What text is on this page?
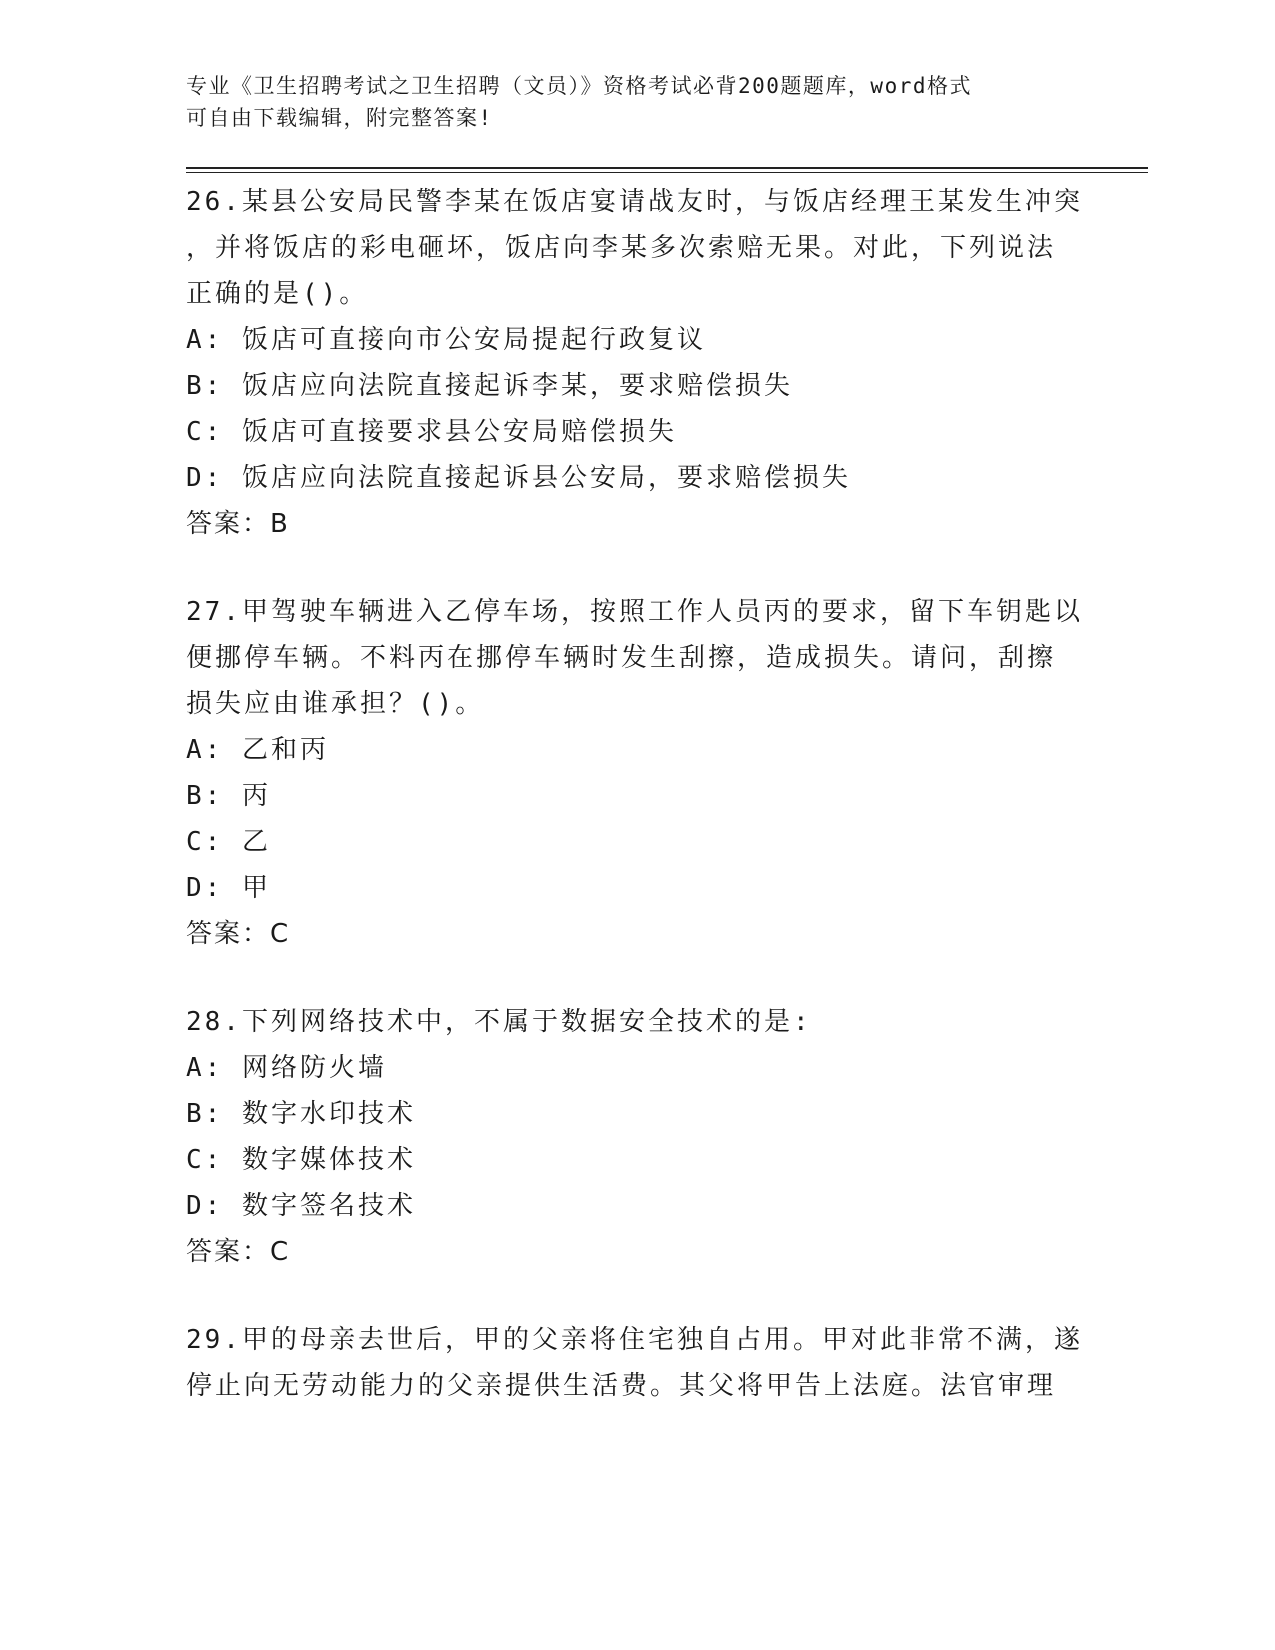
专业《卫生招聘考试之卫生招聘（文员）》资格考试必背200题题库，word格式
可自由下载编辑，附完整答案!
26.某县公安局民警李某在饭店宴请战友时，与饭店经理王某发生冲突
，并将饭店的彩电砸坏，饭店向李某多次索赔无果。对此，下列说法
正确的是()。
A: 饭店可直接向市公安局提起行政复议
B: 饭店应向法院直接起诉李某，要求赔偿损失
C: 饭店可直接要求县公安局赔偿损失
D: 饭店应向法院直接起诉县公安局，要求赔偿损失
答案：B
27.甲驾驶车辆进入乙停车场，按照工作人员丙的要求，留下车钥匙以
便挪停车辆。不料丙在挪停车辆时发生刮擦，造成损失。请问，刮擦
损失应由谁承担？()。
A: 乙和丙
B: 丙
C: 乙
D: 甲
答案：C
28.下列网络技术中，不属于数据安全技术的是:
A: 网络防火墙
B: 数字水印技术
C: 数字媒体技术
D: 数字签名技术
答案：C
29.甲的母亲去世后，甲的父亲将住宅独自占用。甲对此非常不满，遂
停止向无劳动能力的父亲提供生活费。其父将甲告上法庭。法官审理
